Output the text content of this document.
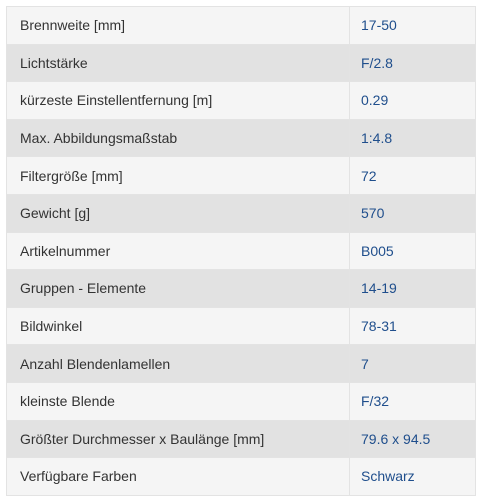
Brennweite [mm]	17-50
Lichtstärke	F/2.8
kürzeste Einstellentfernung [m]	0.29
Max. Abbildungsmaßstab	1:4.8
Filtergröße [mm]	72
Gewicht [g]	570
Artikelnummer	B005
Gruppen - Elemente	14-19
Bildwinkel	78-31
Anzahl Blendenlamellen	7
kleinste Blende	F/32
Größter Durchmesser x Baulänge [mm]	79.6 x 94.5
Verfügbare Farben	Schwarz
